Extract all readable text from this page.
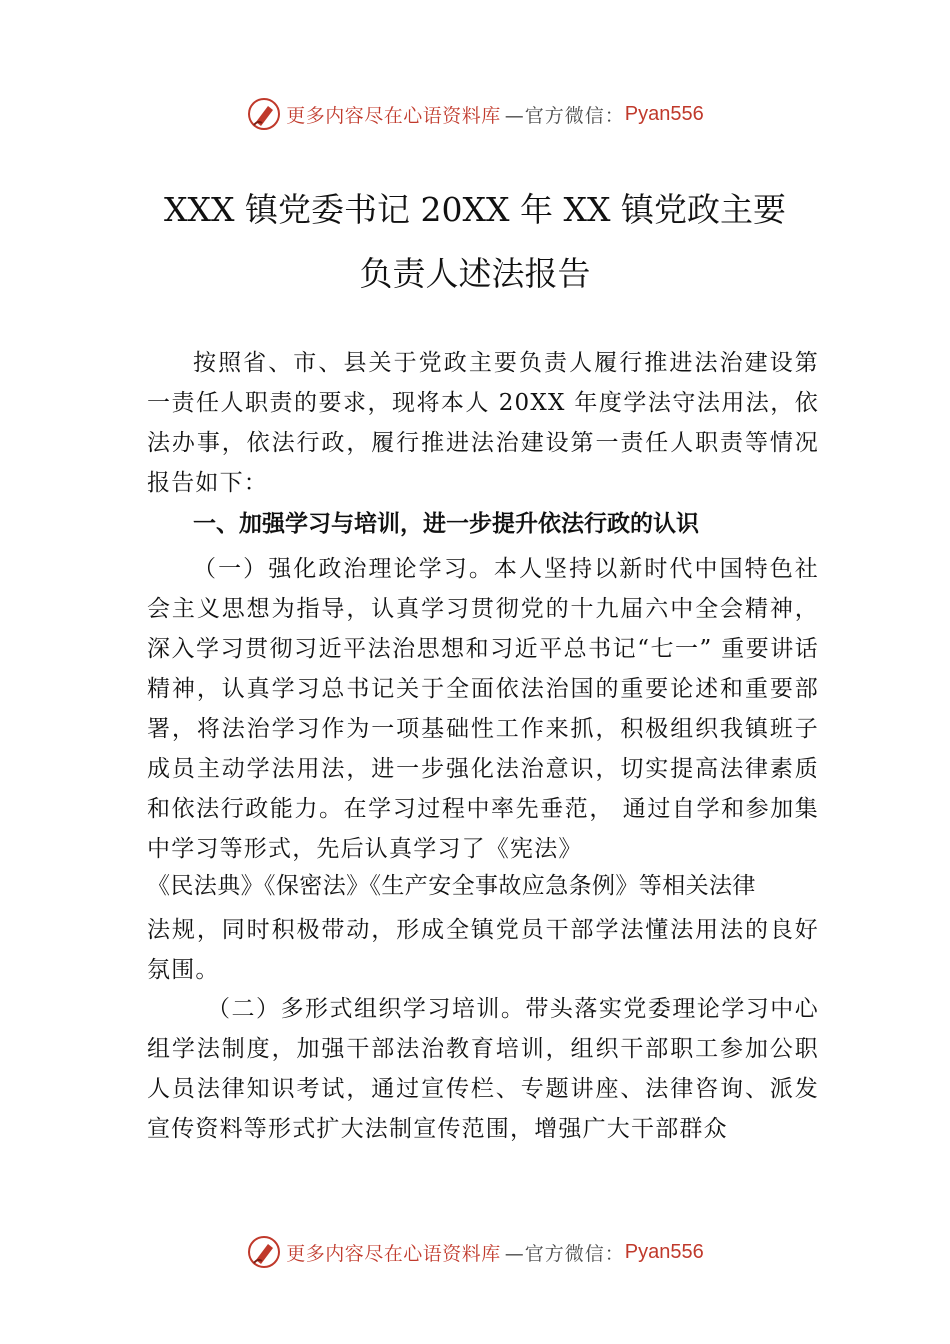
更多内容尽在心语资料库 —官方微信： Pyan556
XXX 镇党委书记 20XX 年 XX 镇党政主要
负责人述法报告
按照省、市、县关于党政主要负责人履行推进法治建设第一责任人职责的要求，现将本人 20XX 年度学法守法用法，依法办事，依法行政，履行推进法治建设第一责任人职责等情况报告如下：
一、加强学习与培训，进一步提升依法行政的认识
（一）强化政治理论学习。本人坚持以新时代中国特色社会主义思想为指导，认真学习贯彻党的十九届六中全会精神，深入学习贯彻习近平法治思想和习近平总书记“七一” 重要讲话精神，认真学习总书记关于全面依法治国的重要论述和重要部署，将法治学习作为一项基础性工作来抓，积极组织我镇班子成员主动学法用法，进一步强化法治意识，切实提高法律素质和依法行政能力。在学习过程中率先垂范， 通过自学和参加集中学习等形式，先后认真学习了《宪法》
《民法典》《保密法》《生产安全事故应急条例》等相关法律
法规，同时积极带动，形成全镇党员干部学法懂法用法的良好氛围。
（二）多形式组织学习培训。带头落实党委理论学习中心组学法制度，加强干部法治教育培训，组织干部职工参加公职人员法律知识考试，通过宣传栏、专题讲座、法律咨询、派发宣传资料等形式扩大法制宣传范围，增强广大干部群众
更多内容尽在心语资料库 —官方微信： Pyan556
